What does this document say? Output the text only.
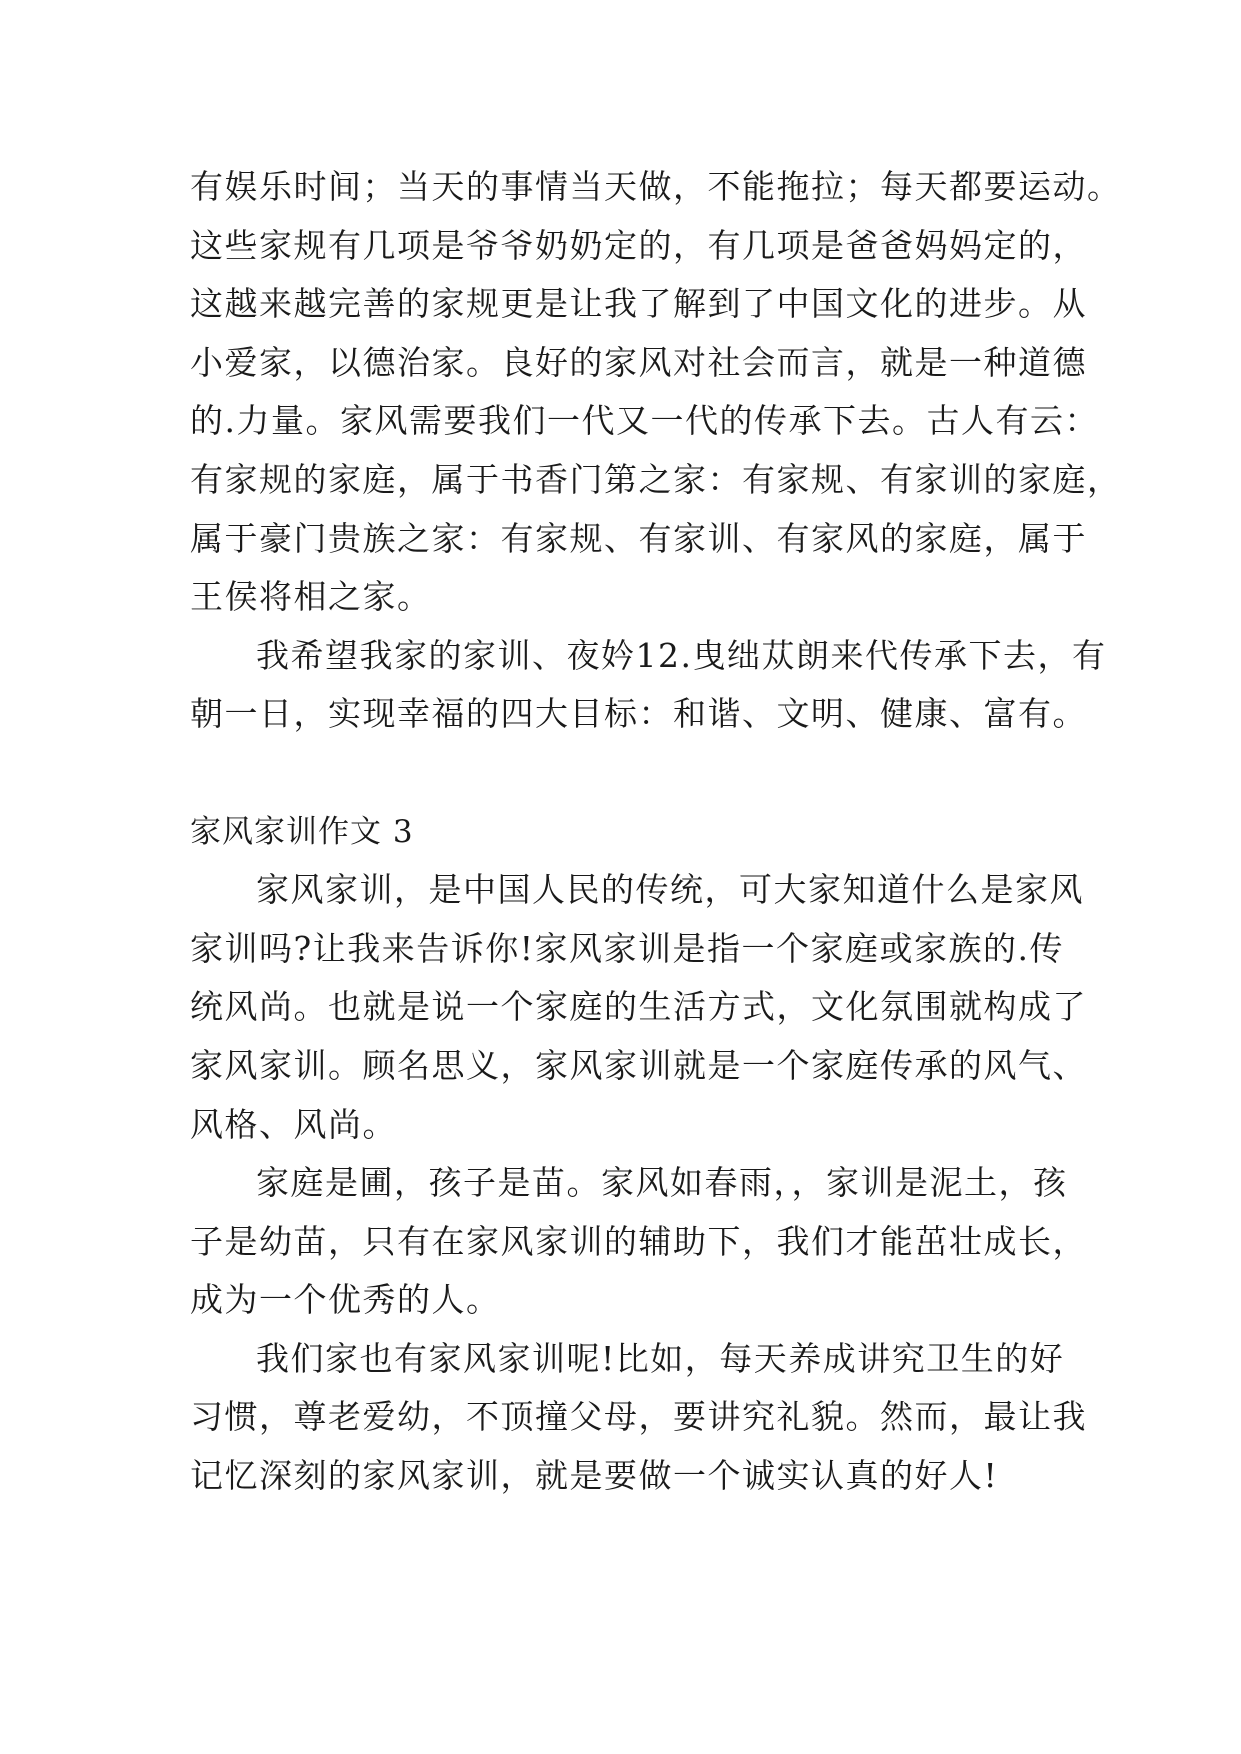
有娱乐时间；当天的事情当天做，不能拖拉；每天都要运动。
这些家规有几项是爷爷奶奶定的，有几项是爸爸妈妈定的，
这越来越完善的家规更是让我了解到了中国文化的进步。从
小爱家，以德治家。良好的家风对社会而言，就是一种道德
的.力量。家风需要我们一代又一代的传承下去。古人有云：
有家规的家庭，属于书香门第之家：有家规、有家训的家庭，
属于豪门贵族之家：有家规、有家训、有家风的家庭，属于
王侯将相之家。
我希望我家的家训、夜妗12.曳绌苁朗来代传承下去，有
朝一日，实现幸福的四大目标：和谐、文明、健康、富有。
家风家训作文 3
家风家训，是中国人民的传统，可大家知道什么是家风
家训吗?让我来告诉你!家风家训是指一个家庭或家族的.传
统风尚。也就是说一个家庭的生活方式，文化氛围就构成了
家风家训。顾名思义，家风家训就是一个家庭传承的风气、
风格、风尚。
家庭是圃，孩子是苗。家风如春雨，，家训是泥土，孩
子是幼苗，只有在家风家训的辅助下，我们才能茁壮成长，
成为一个优秀的人。
我们家也有家风家训呢!比如，每天养成讲究卫生的好
习惯，尊老爱幼，不顶撞父母，要讲究礼貌。然而，最让我
记忆深刻的家风家训，就是要做一个诚实认真的好人!
